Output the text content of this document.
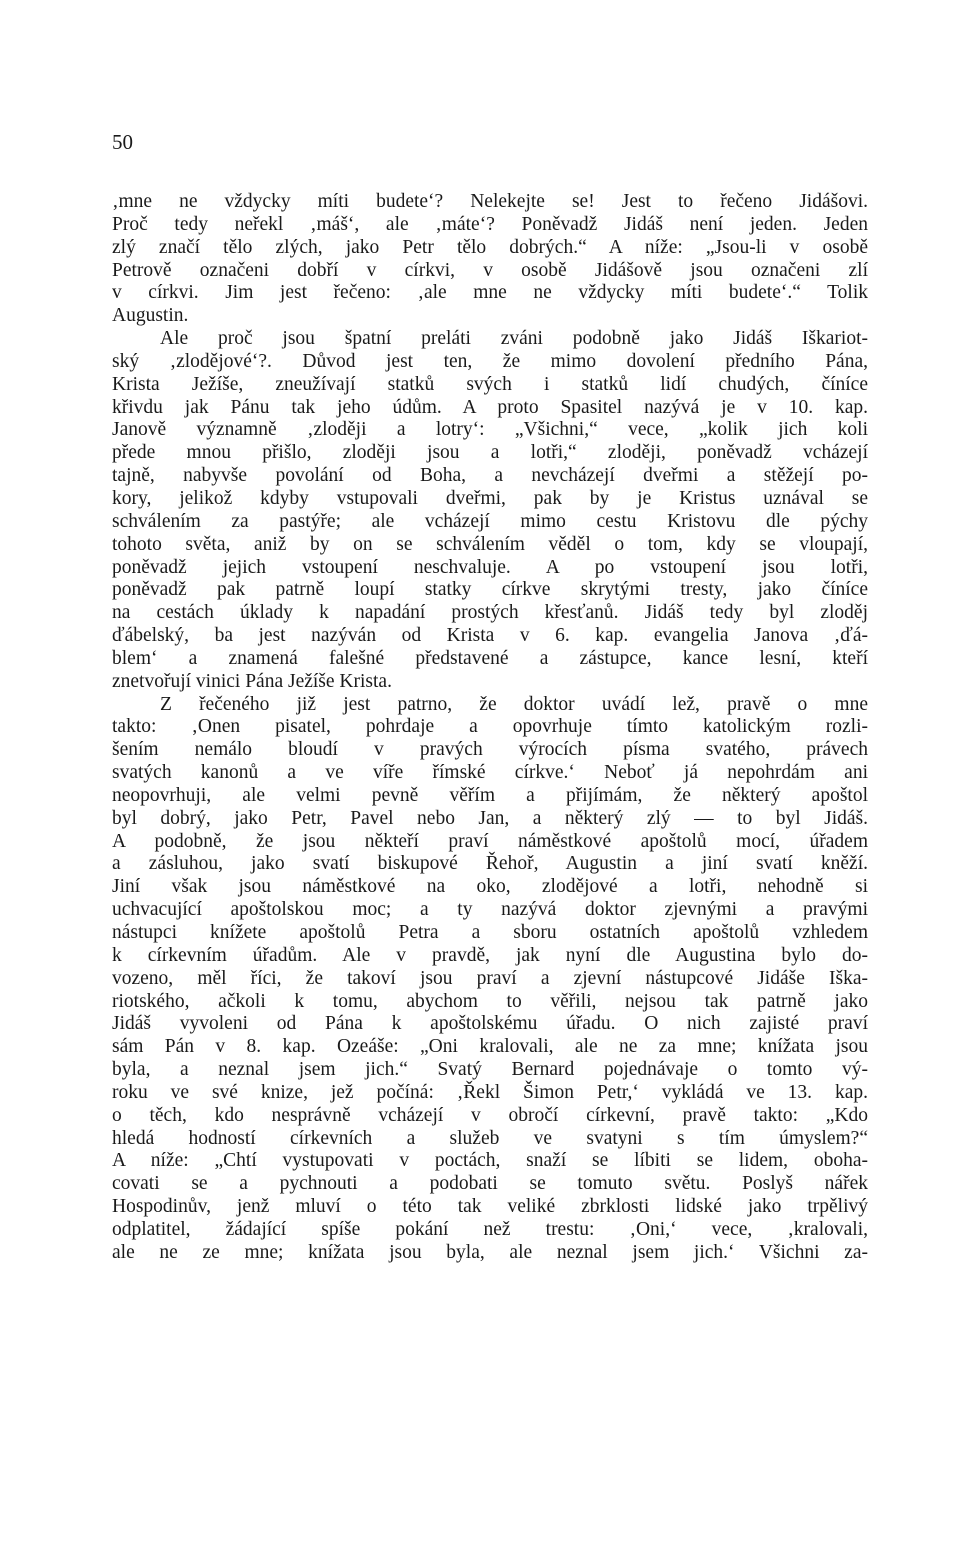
50
‚mne ne vždycky míti budete‘? Nelekejte se! Jest to řečeno Jidášovi.
Proč tedy neřekl ‚máš‘, ale ‚máte‘? Poněvadž Jidáš není jeden. Jeden
zlý značí tělo zlých, jako Petr tělo dobrých.“ A níže: „Jsou-li v osobě
Petrově označeni dobří v církvi, v osobě Jidášově jsou označeni zlí
v církvi. Jim jest řečeno: ‚ale mne ne vždycky míti budete‘.“ Tolik
Augustin.
Ale proč jsou špatní preláti zváni podobně jako Jidáš Iškariot-
ský ‚zlodějové‘?. Důvod jest ten, že mimo dovolení předního Pána,
Krista Ježíše, zneužívají statků svých i statků lidí chudých, číníce
křivdu jak Pánu tak jeho údům. A proto Spasitel nazývá je v 10. kap.
Janově významně ‚zloději a lotry‘: „Všichni,“ vece, „kolik jich koli
přede mnou přišlo, zloději jsou a lotři,“ zloději, poněvadž vcházejí
tajně, nabyvše povolání od Boha, a nevcházejí dveřmi a stěžejí po-
kory, jelikož kdyby vstupovali dveřmi, pak by je Kristus uznával se
schválením za pastýře; ale vcházejí mimo cestu Kristovu dle pýchy
tohoto světa, aniž by on se schválením věděl o tom, kdy se vloupají,
poněvadž jejich vstoupení neschvaluje. A po vstoupení jsou lotři,
poněvadž pak patrně loupí statky církve skrytými tresty, jako číníce
na cestách úklady k napadání prostých křesťanů. Jidáš tedy byl zloděj
ďábelský, ba jest nazýván od Krista v 6. kap. evangelia Janova ‚ďá-
blem‘ a znamená falešné představené a zástupce, kance lesní, kteří
znetvořují vinici Pána Ježíše Krista.
Z řečeného již jest patrno, že doktor uvádí lež, pravě o mne
takto: ‚Onen pisatel, pohrdaje a opovrhuje tímto katolickým rozli-
šením nemálo bloudí v pravých výrocích písma svatého, právech
svatých kanonů a ve víře římské církve.‘ Neboť já nepohrdám ani
neopovrhuji, ale velmi pevně věřím a přijímám, že některý apoštol
byl dobrý, jako Petr, Pavel nebo Jan, a některý zlý — to byl Jidáš.
A podobně, že jsou někteří praví náměstkové apoštolů mocí, úřadem
a zásluhou, jako svatí biskupové Řehoř, Augustin a jiní svatí kněží.
Jiní však jsou náměstkové na oko, zlodějové a lotři, nehodně si
uchvacující apoštolskou moc; a ty nazývá doktor zjevnými a pravými
nástupci knížete apoštolů Petra a sboru ostatních apoštolů vzhledem
k církevním úřadům. Ale v pravdě, jak nyní dle Augustina bylo do-
vozeno, měl říci, že takoví jsou praví a zjevní nástupcové Jidáše Iška-
riotského, ačkoli k tomu, abychom to věřili, nejsou tak patrně jako
Jidáš vyvoleni od Pána k apoštolskému úřadu. O nich zajisté praví
sám Pán v 8. kap. Ozeáše: „Oni kralovali, ale ne za mne; knížata jsou
byla, a neznal jsem jich.“ Svatý Bernard pojednávaje o tomto vý-
roku ve své knize, jež počíná: ‚Řekl Šimon Petr,‘ vykládá ve 13. kap.
o těch, kdo nesprávně vcházejí v obročí církevní, pravě takto: „Kdo
hledá hodností církevních a služeb ve svatyni s tím úmyslem?“
A níže: „Chtí vystupovati v poctách, snaží se líbiti se lidem, oboha-
covati se a pychnouti a podobati se tomuto světu. Poslyš nářek
Hospodinův, jenž mluví o této tak veliké zbrklosti lidské jako trpělivý
odplatitel, žádající spíše pokání než trestu: ‚Oni,‘ vece, ‚kralovali,
ale ne ze mne; knížata jsou byla, ale neznal jsem jich.‘ Všichni za-
